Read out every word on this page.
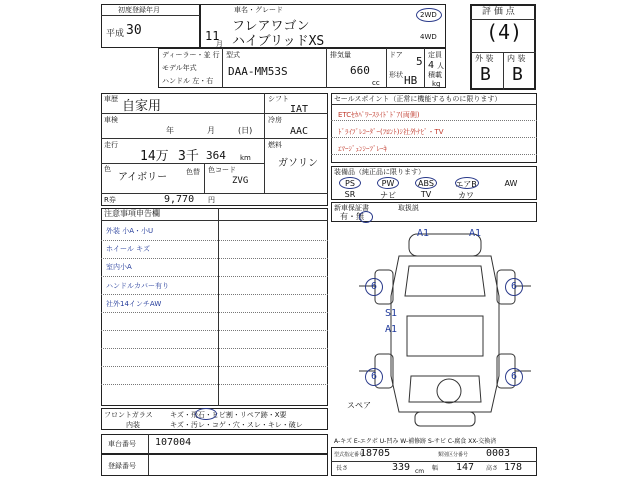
初度登録年月
平成 30	11
月
車名・グレード
フレアワゴン
ハイブリッドXS
2WD
4WD
ディーラー・並 行
モデル年式
ハンドル 左・右
型式
DAA-MM53S
排気量
660
cc
ドア 5
形状 HB
定員
4 人
積載
kg
評 価 点
(4)
外 装 内 装
B B
車歴 自家用
車検
年	月	(日)
走行
14万 3千 364 km
色
アイボリー	色替 色コード
ZVG
R券	9,770 円
シフト
IAT
冷房
AAC
燃料
ガソリン
注意事項申告欄
外装 小A・小U
ホイール キズ
室内小A
ハンドルカバー有り
社外14インチAW
フロントガラス キズ・飛石・ヒビ割・リペア跡・X要
内装	キズ・汚レ・コゲ・穴・スレ・キレ・破レ
車台番号 107004
登録番号
セールスポイント（正常に機能するものに限ります）
ETCｾｶﾊﾟﾜｰｽﾗｲﾄﾞﾄﾞｱ(両側)
ﾄﾞﾗｲﾌﾞﾚｺｰﾀﾞｰ(ﾌﾛﾝﾄ)ｼ社外ﾅﾋﾞ・TV
ｴﾏｰｼﾞｪﾝｼｰﾌﾞﾚｰｷ
装備品（純正品に限ります）
PS	PW	ABS	エアB	AW
SR	ナビ	TV	カワ
新車保証書	取扱説
有・無
A1	A1
S1
A1
6	6
6	6
スペア
A-キズ E-エクボ U-凹み W-補修跡 S-サビ C-腐食 XX-交換済
型式指定番号
18705	類別区分番号 0003
長さ	339 cm 幅 147 高さ 178
